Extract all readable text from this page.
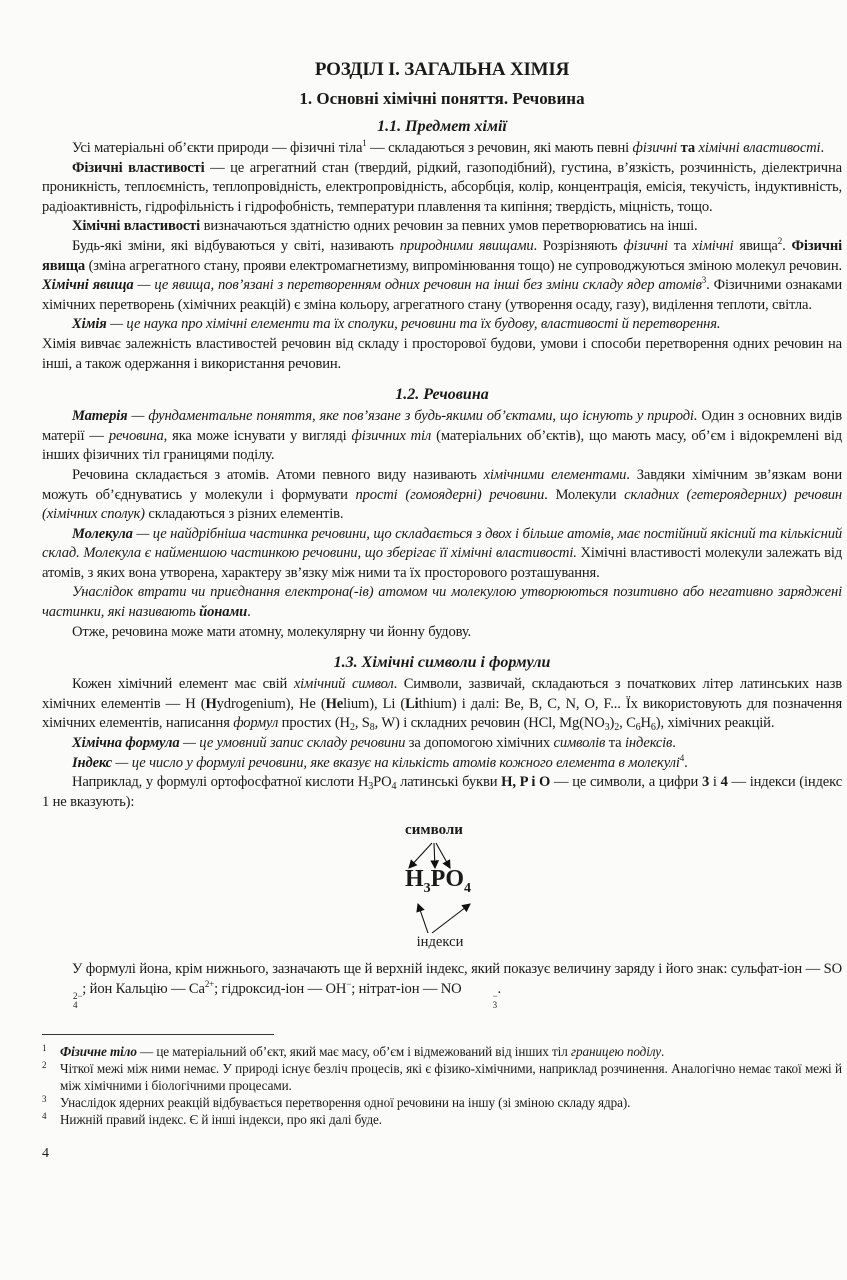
РОЗДІЛ І. ЗАГАЛЬНА ХІМІЯ
1. Основні хімічні поняття. Речовина
1.1. Предмет хімії

Усі матеріальні об’єкти природи — фізичні тіла$^1$ — складаються з речовин, які мають певні фізичні та хімічні властивості.

Фізичні властивості — це агрегатний стан (твердий, рідкий, газоподібний), густина, в’язкість, розчинність, діелектрична проникність, теплоємність, теплопровідність, електропровідність, абсорбція, колір, концентрація, емісія, текучість, індуктивність, радіоактивність, гідрофільність і гідрофобність, температури плавлення та кипіння; твердість, міцність, тощо.

Хімічні властивості визначаються здатністю одних речовин за певних умов перетворюватись на інші.

Будь-які зміни, які відбуваються у світі, називають природними явищами. Розрізняють фізичні та хімічні явища$^2$. Фізичні явища (зміна агрегатного стану, прояви електромагнетизму, випромінювання тощо) не супроводжуються зміною молекул речовин. Хімічні явища — це явища, пов’язані з перетворенням одних речовин на інші без зміни складу ядер атомів$^3$. Фізичними ознаками хімічних перетворень (хімічних реакцій) є зміна кольору, агрегатного стану (утворення осаду, газу), виділення теплоти, світла.

Хімія — це наука про хімічні елементи та їх сполуки, речовини та їх будову, властивості й перетворення.

Хімія вивчає залежність властивостей речовин від складу і просторової будови, умови і способи перетворення одних речовин на інші, а також одержання і використання речовин.

1.2. Речовина

Матерія — фундаментальне поняття, яке пов’язане з будь-якими об’єктами, що існують у природі. Один з основних видів матерії — речовина, яка може існувати у вигляді фізичних тіл (матеріальних об’єктів), що мають масу, об’єм і відокремлені від інших фізичних тіл границями поділу.

Речовина складається з атомів. Атоми певного виду називають хімічними елементами. Завдяки хімічним зв’язкам вони можуть об’єднуватись у молекули і формувати прості (гомоядерні) речовини. Молекули складних (гетероядерних) речовин (хімічних сполук) складаються з різних елементів.

Молекула — це найдрібніша частинка речовини, що складається з двох і більше атомів, має постійний якісний та кількісний склад. Молекула є найменшою частинкою речовини, що зберігає її хімічні властивості. Хімічні властивості молекули залежать від атомів, з яких вона утворена, характеру зв’язку між ними та їх просторового розташування.

Унаслідок втрати чи приєднання електрона(-ів) атомом чи молекулою утворюються позитивно або негативно заряджені частинки, які називають йонами.

Отже, речовина може мати атомну, молекулярну чи йонну будову.

1.3. Хімічні символи і формули

Кожен хімічний елемент має свій хімічний символ. Символи, зазвичай, складаються з початкових літер латинських назв хімічних елементів — H (Hydrogenium), He (Helium), Li (Lithium) і далі: Be, B, C, N, O, F... Їх використовують для позначення хімічних елементів, написання формул простих ($H_2$, $S_8$, W) і складних речовин (HCl, $Mg(NO_3)_2$, $C_6H_6$), хімічних реакцій.

Хімічна формула — це умовний запис складу речовини за допомогою хімічних символів та індексів.

Індекс — це число у формулі речовини, яке вказує на кількість атомів кожного елемента в молекулі$^4$.

Наприклад, у формулі ортофосфатної кислоти $H_3PO_4$ латинські букви H, P і O — це символи, а цифри 3 і 4 — індекси (індекс 1 не вказують):

символи
$H_3PO_4$
індекси

У формулі йона, крім нижнього, зазначають ще й верхній індекс, який показує величину заряду і його знак: сульфат-іон — SO
2−
4
; йон Кальцію — $Ca^{2+}$; гідроксид-іон — OH−; нітрат-іон — NO	−
3
.

1 Фізичне тіло — це матеріальний об’єкт, який має масу, об’єм і відмежований від інших тіл границею поділу.
2 Чіткої межі між ними немає. У природі існує безліч процесів, які є фізико-хімічними, наприклад розчинення. Аналогічно немає такої межі й між хімічними і біологічними процесами.
3 Унаслідок ядерних реакцій відбувається перетворення одної речовини на іншу (зі зміною складу ядра).
4 Нижній правий індекс. Є й інші індекси, про які далі буде.
4
